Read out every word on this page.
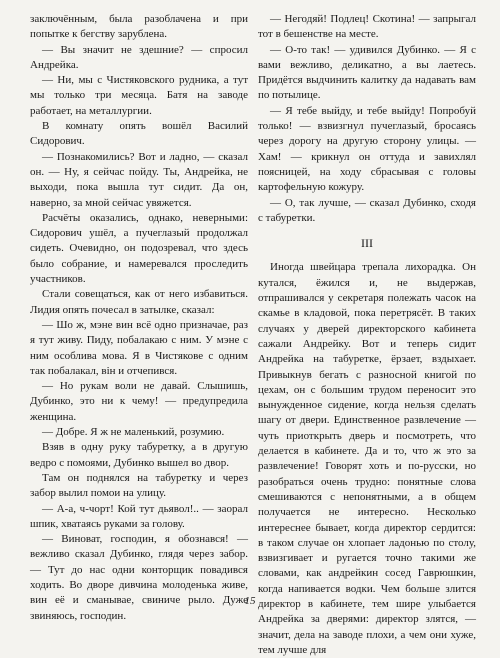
заключённым, была разоблачена и при попытке к бегству зарублена.

— Вы значит не здешние? — спросил Андрейка.

— Ни, мы с Чистяковского рудника, а тут мы только три месяца. Батя на заводе работает, на металлургии.

В комнату опять вошёл Василий Сидорович.

— Познакомились? Вот и ладно, — сказал он. — Ну, я сейчас пойду. Ты, Андрейка, не выходи, пока вышла тут сидит. Да он, наверно, за мной сейчас увяжется.

Расчёты оказались, однако, неверными: Сидорович ушёл, а пучеглазый продолжал сидеть. Очевидно, он подозревал, что здесь было собрание, и намеревался проследить участников.

Стали совещаться, как от него избавиться. Лидия опять почесал в затылке, сказал:

— Шо ж, мэне вин всё одно призначае, раз я тут живу. Пиду, побалакаю с ним. У мэне с ним особлива мова. Я в Чистякове с одним так побалакал, він и отчепився.

— Но рукам воли не давай. Слышишь, Дубинко, это ни к чему! — предупредила женщина.

— Добре. Я ж не маленький, розумию.

Взяв в одну руку табуретку, а в другую ведро с помоями, Дубинко вышел во двор.

Там он поднялся на табуретку и через забор вылил помои на улицу.

— А-а, ч-чорт! Кой тут дьявол!.. — заорал шпик, хватаясь руками за голову.

— Виноват, господин, я обознався! — вежливо сказал Дубинко, глядя через забор. — Тут до нас одни конторщик повадився ходить. Во дворе дивчина молоденька живе, вин её и сманывае, свиниче рыло. Дуже звиняюсь, господин.

— Негодяй! Подлец! Скотина! — запрыгал тот в бешенстве на месте.

— О-то так! — удивился Дубинко. — Я с вами вежливо, деликатно, а вы лаетесь. Придётся выдчинить калитку да надавать вам по потылице.

— Я тебе выйду, и тебе выйду! Попробуй только! — взвизгнул пучеглазый, бросаясь через дорогу на другую сторону улицы. — Хам! — крикнул он оттуда и завихлял поясницей, на ходу сбрасывая с головы картофельную кожуру.

— О, так лучше, — сказал Дубинко, сходя с табуретки.

III

Иногда швейцара трепала лихорадка. Он кутался, ёжился и, не выдержав, отпрашивался у секретаря полежать часок на скамье в кладовой, пока перетрясёт. В таких случаях у дверей директорского кабинета сажали Андрейку. Вот и теперь сидит Андрейка на табуретке, ёрзает, вздыхает. Привыкнув бегать с разносной книгой по цехам, он с большим трудом переносит это вынужденное сидение, когда нельзя сделать шагу от двери. Единственное развлечение — чуть приоткрыть дверь и посмотреть, что делается в кабинете. Да и то, что ж это за развлечение! Говорят хоть и по-русски, но разобраться очень трудно: понятные слова смешиваются с непонятными, а в общем получается не интересно. Несколько интереснее бывает, когда директор сердится: в таком случае он хлопает ладонью по столу, взвизгивает и ругается точно такими же словами, как андрейкин сосед Гаврюшкин, когда напивается водки. Чем больше злится директор в кабинете, тем шире улыбается Андрейка за дверями: директор злятся, — значит, дела на заводе плохи, а чем они хуже, тем лучше для

15
